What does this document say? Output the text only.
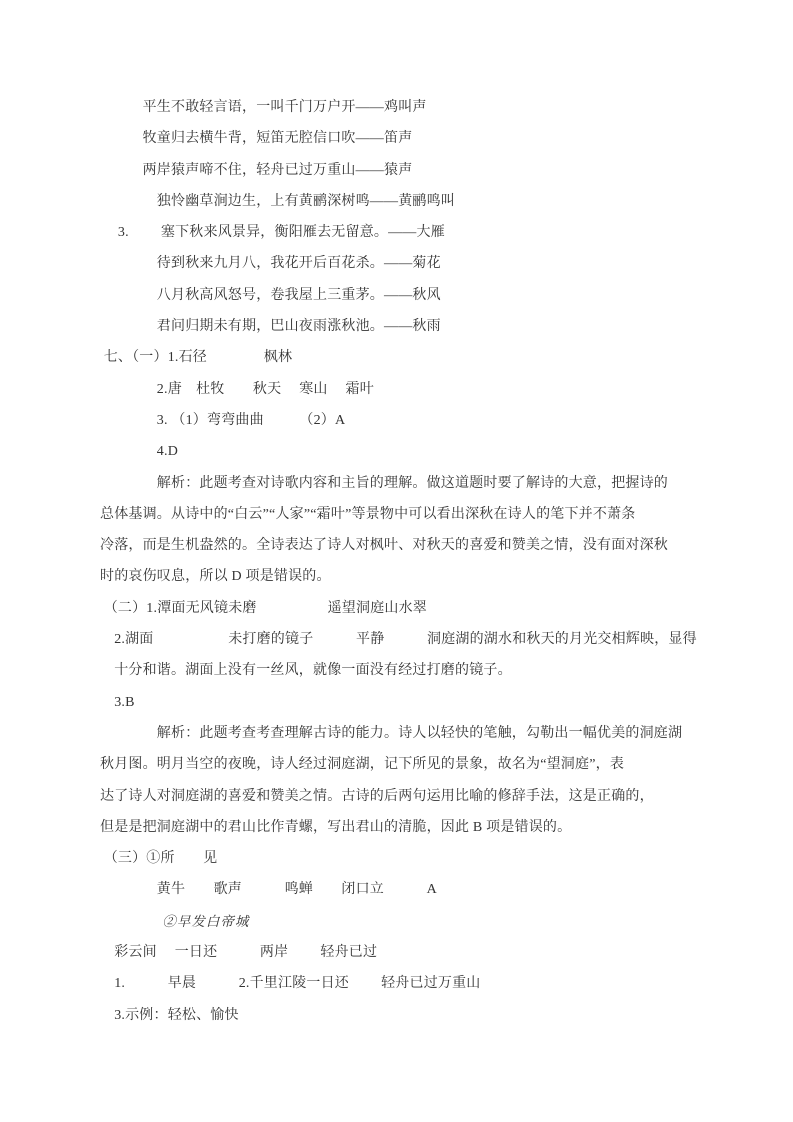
　　　平生不敢轻言语，一叫千门万户开——鸡叫声
　　　牧童归去横牛背，短笛无腔信口吹——笛声
　　　两岸猿声啼不住，轻舟已过万重山——猿声
　　　　独怜幽草涧边生，上有黄鹂深树鸣——黄鹂鸣叫
　 3.　　 塞下秋来风景异，衡阳雁去无留意。——大雁
　　　　待到秋来九月八，我花开后百花杀。——菊花
　　　　八月秋高风怒号，卷我屋上三重茅。——秋风
　　　　君问归期未有期，巴山夜雨涨秋池。——秋雨
七、（一）1.石径　　　　枫林
　　　　2.唐　杜牧　　秋天　 寒山　 霜叶
　　　　3. （1）弯弯曲曲　　　（2）A
　　　　4.D
　　　　解析：此题考查对诗歌内容和主旨的理解。做这道题时要了解诗的大意，把握诗的
总体基调。从诗中的“白云”“人家”“霜叶”等景物中可以看出深秋在诗人的笔下并不萧条
冷落，而是生机盎然的。全诗表达了诗人对枫叶、对秋天的喜爱和赞美之情，没有面对深秋
时的哀伤叹息，所以 D 项是错误的。
（二）1.潭面无风镜未磨　　　　　遥望洞庭山水翠
　2.湖面　　　　　 未打磨的镜子　　　平静　　　洞庭湖的湖水和秋天的月光交相辉映，显得
　十分和谐。湖面上没有一丝风，就像一面没有经过打磨的镜子。
　3.B
　　　　解析：此题考查考查理解古诗的能力。诗人以轻快的笔触，勾勒出一幅优美的洞庭湖
秋月图。明月当空的夜晚，诗人经过洞庭湖，记下所见的景象，故名为“望洞庭”，表
达了诗人对洞庭湖的喜爱和赞美之情。古诗的后两句运用比喻的修辞手法，这是正确的，
但是是把洞庭湖中的君山比作青螺，写出君山的清脆，因此 B 项是错误的。
（三）①所　　见
　　　　黄牛　　歌声　　　鸣蝉　　闭口立　　　A
　　　　 ②早发白帝城
　彩云间　 一日还　　　两岸　　 轻舟已过
　1.　　　早晨　　　2.千里江陵一日还　　 轻舟已过万重山
　3.示例：轻松、愉快
